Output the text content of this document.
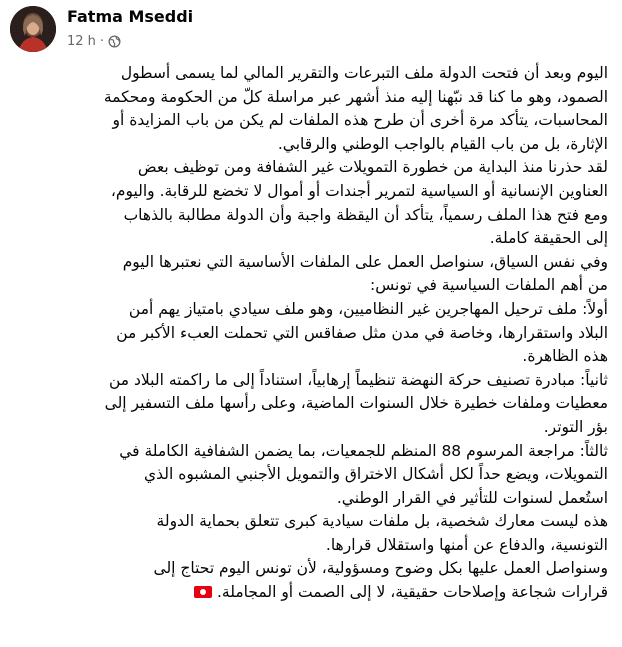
Fatma Mseddi
12 h ·
اليوم وبعد أن فتحت الدولة ملف التبرعات والتقرير المالي لما يسمى أسطول
الصمود، وهو ما كنا قد نبّهنا إليه منذ أشهر عبر مراسلة كلّ من الحكومة ومحكمة
المحاسبات، يتأكد مرة أخرى أن طرح هذه الملفات لم يكن من باب المزايدة أو
الإثارة، بل من باب القيام بالواجب الوطني والرقابي.
لقد حذرنا منذ البداية من خطورة التمويلات غير الشفافة ومن توظيف بعض
العناوين الإنسانية أو السياسية لتمرير أجندات أو أموال لا تخضع للرقابة. واليوم،
ومع فتح هذا الملف رسمياً، يتأكد أن اليقظة واجبة وأن الدولة مطالبة بالذهاب
إلى الحقيقة كاملة.
وفي نفس السياق، سنواصل العمل على الملفات الأساسية التي نعتبرها اليوم
من أهم الملفات السياسية في تونس:
أولاً: ملف ترحيل المهاجرين غير النظاميين، وهو ملف سيادي بامتياز يهم أمن
البلاد واستقرارها، وخاصة في مدن مثل صفاقس التي تحملت العبء الأكبر من
هذه الظاهرة.
ثانياً: مبادرة تصنيف حركة النهضة تنظيماً إرهابياً، استناداً إلى ما راكمته البلاد من
معطيات وملفات خطيرة خلال السنوات الماضية، وعلى رأسها ملف التسفير إلى
بؤر التوتر.
ثالثاً: مراجعة المرسوم 88 المنظم للجمعيات، بما يضمن الشفافية الكاملة في
التمويلات، ويضع حداً لكل أشكال الاختراق والتمويل الأجنبي المشبوه الذي
استُعمل لسنوات للتأثير في القرار الوطني.
هذه ليست معارك شخصية، بل ملفات سيادية كبرى تتعلق بحماية الدولة
التونسية، والدفاع عن أمنها واستقلال قرارها.
وسنواصل العمل عليها بكل وضوح ومسؤولية، لأن تونس اليوم تحتاج إلى
قرارات شجاعة وإصلاحات حقيقية، لا إلى الصمت أو المجاملة.
